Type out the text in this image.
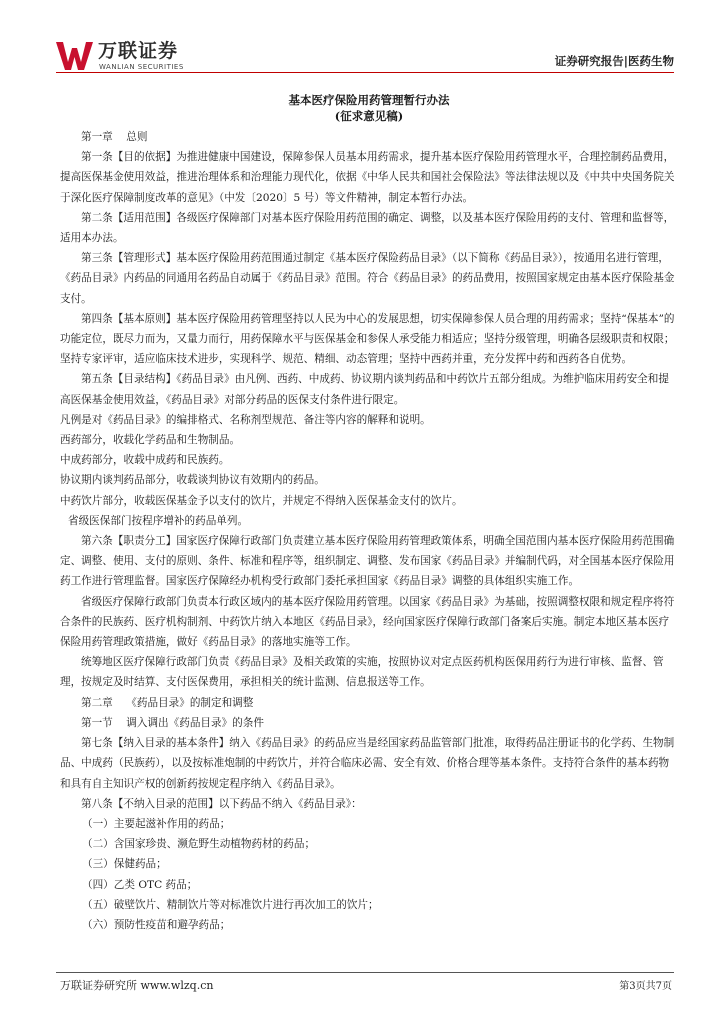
万联证券
WANLIAN SECURITIES	证券研究报告|医药生物
基本医疗保险用药管理暂行办法
(征求意见稿)

第一章    总则

第一条【目的依据】为推进健康中国建设，保障参保人员基本用药需求，提升基本医疗保险用药管理水平，合理控制药品费用，提高医保基金使用效益，推进治理体系和治理能力现代化，依据《中华人民共和国社会保险法》等法律法规以及《中共中央国务院关于深化医疗保障制度改革的意见》（中发〔2020〕5 号）等文件精神，制定本暂行办法。

第二条【适用范围】各级医疗保障部门对基本医疗保险用药范围的确定、调整，以及基本医疗保险用药的支付、管理和监督等，适用本办法。

第三条【管理形式】基本医疗保险用药范围通过制定《基本医疗保险药品目录》（以下简称《药品目录》），按通用名进行管理，《药品目录》内药品的同通用名药品自动属于《药品目录》范围。符合《药品目录》的药品费用，按照国家规定由基本医疗保险基金支付。

第四条【基本原则】基本医疗保险用药管理坚持以人民为中心的发展思想，切实保障参保人员合理的用药需求；坚持“保基本”的功能定位，既尽力而为，又量力而行，用药保障水平与医保基金和参保人承受能力相适应；坚持分级管理，明确各层级职责和权限；坚持专家评审，适应临床技术进步，实现科学、规范、精细、动态管理；坚持中西药并重，充分发挥中药和西药各自优势。

第五条【目录结构】《药品目录》由凡例、西药、中成药、协议期内谈判药品和中药饮片五部分组成。为维护临床用药安全和提高医保基金使用效益，《药品目录》对部分药品的医保支付条件进行限定。

凡例是对《药品目录》的编排格式、名称剂型规范、备注等内容的解释和说明。

西药部分，收载化学药品和生物制品。

中成药部分，收载中成药和民族药。

协议期内谈判药品部分，收载谈判协议有效期内的药品。

中药饮片部分，收载医保基金予以支付的饮片，并规定不得纳入医保基金支付的饮片。

省级医保部门按程序增补的药品单列。

第六条【职责分工】国家医疗保障行政部门负责建立基本医疗保险用药管理政策体系，明确全国范围内基本医疗保险用药范围确定、调整、使用、支付的原则、条件、标准和程序等，组织制定、调整、发布国家《药品目录》并编制代码，对全国基本医疗保险用药工作进行管理监督。国家医疗保障经办机构受行政部门委托承担国家《药品目录》调整的具体组织实施工作。

省级医疗保障行政部门负责本行政区域内的基本医疗保险用药管理。以国家《药品目录》为基础，按照调整权限和规定程序将符合条件的民族药、医疗机构制剂、中药饮片纳入本地区《药品目录》，经向国家医疗保障行政部门备案后实施。制定本地区基本医疗保险用药管理政策措施，做好《药品目录》的落地实施等工作。

统筹地区医疗保障行政部门负责《药品目录》及相关政策的实施，按照协议对定点医药机构医保用药行为进行审核、监督、管理，按规定及时结算、支付医保费用，承担相关的统计监测、信息报送等工作。

第二章    《药品目录》的制定和调整

第一节    调入调出《药品目录》的条件

第七条【纳入目录的基本条件】纳入《药品目录》的药品应当是经国家药品监管部门批准，取得药品注册证书的化学药、生物制品、中成药（民族药），以及按标准炮制的中药饮片，并符合临床必需、安全有效、价格合理等基本条件。支持符合条件的基本药物和具有自主知识产权的创新药按规定程序纳入《药品目录》。

第八条【不纳入目录的范围】以下药品不纳入《药品目录》：

（一）主要起滋补作用的药品；

（二）含国家珍贵、濒危野生动植物药材的药品；

（三）保健药品；

（四）乙类 OTC 药品；

（五）破壁饮片、精制饮片等对标准饮片进行再次加工的饮片；

（六）预防性疫苗和避孕药品；

万联证券研究所 www.wlzq.cn	第3页共7页
